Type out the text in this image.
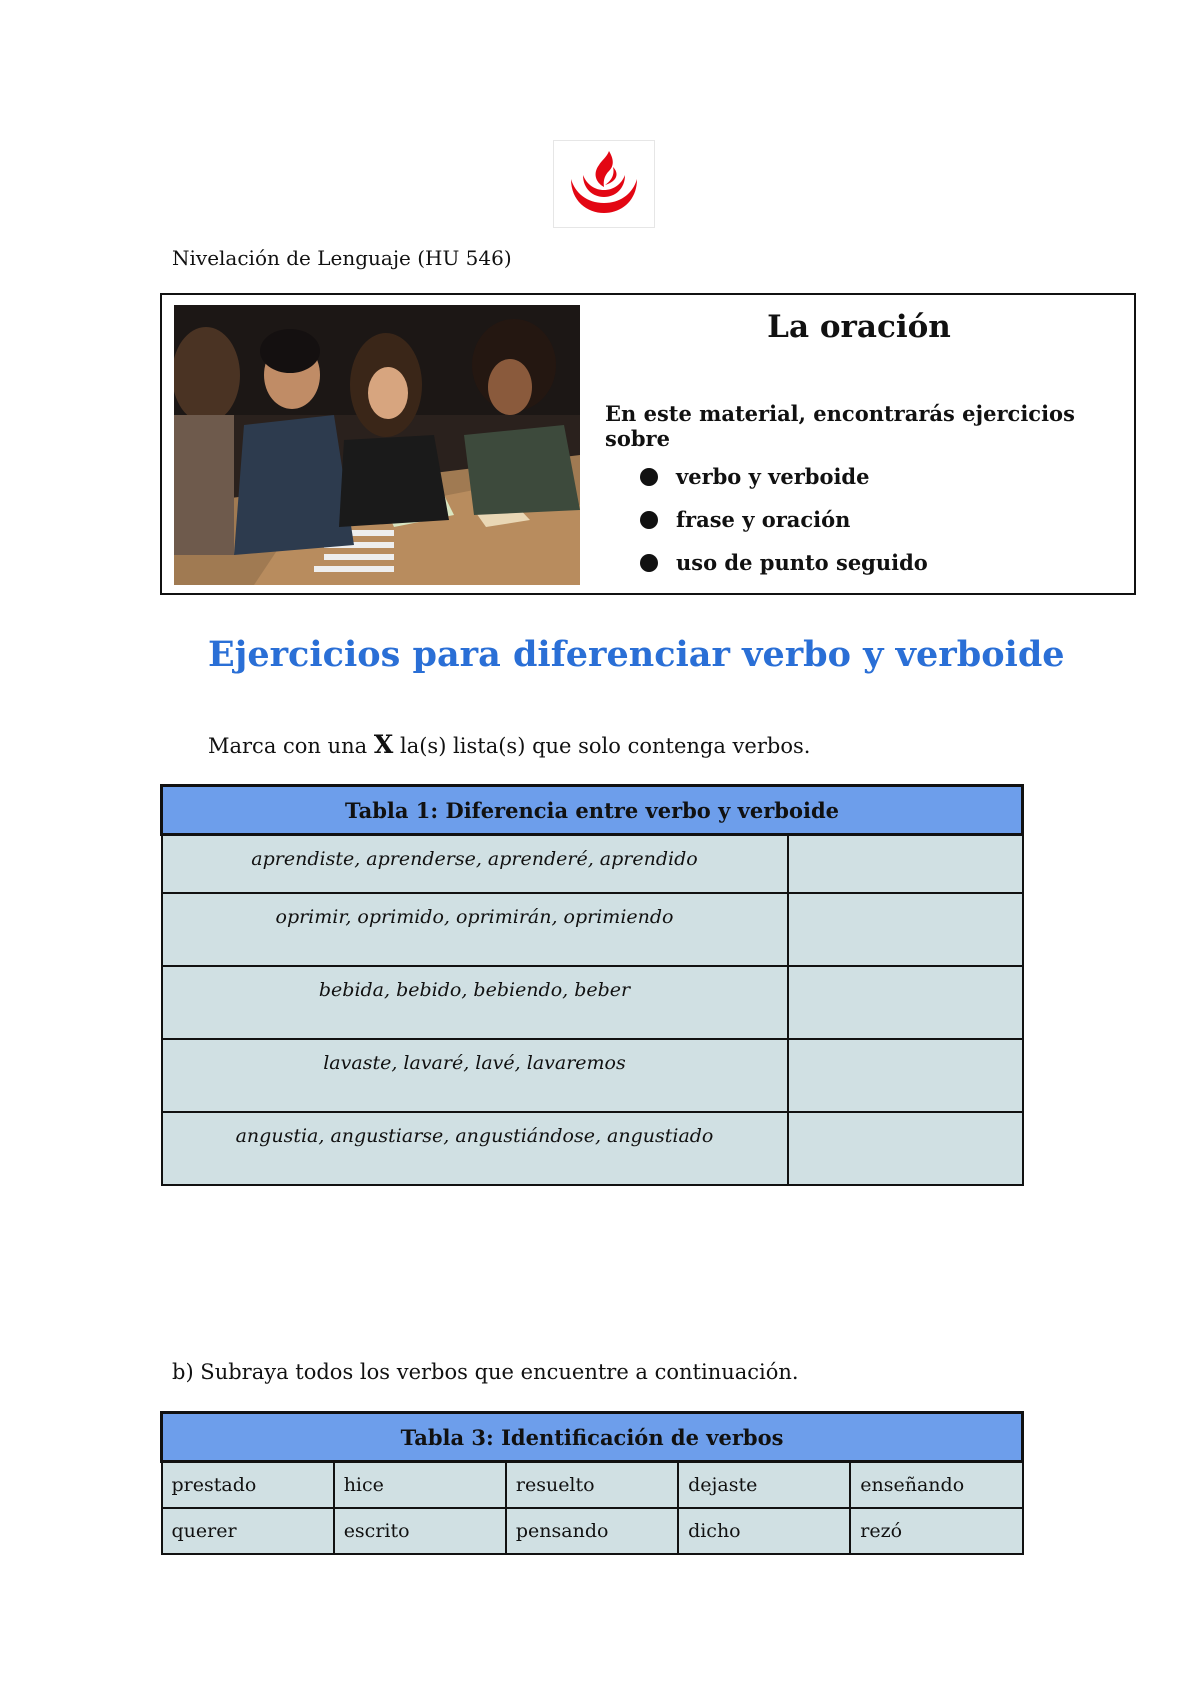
Nivelación de Lenguaje (HU 546)
La oración
En este material, encontrarás ejercicios sobre
verbo y verboide
frase y oración
uso de punto seguido
Ejercicios para diferenciar verbo y verboide
Marca con una X la(s) lista(s) que solo contenga verbos.
Tabla 1: Diferencia entre verbo y verboide	
aprendiste, aprenderse, aprenderé, aprendido	
oprimir, oprimido, oprimirán, oprimiendo	
bebida, bebido, bebiendo, beber	
lavaste, lavaré, lavé, lavaremos	
angustia, angustiarse, angustiándose, angustiado	
b) Subraya todos los verbos que encuentre a continuación.
Tabla 3: Identificación de verbos				
prestado	hice	resuelto	dejaste	enseñando
querer	escrito	pensando	dicho	rezó
